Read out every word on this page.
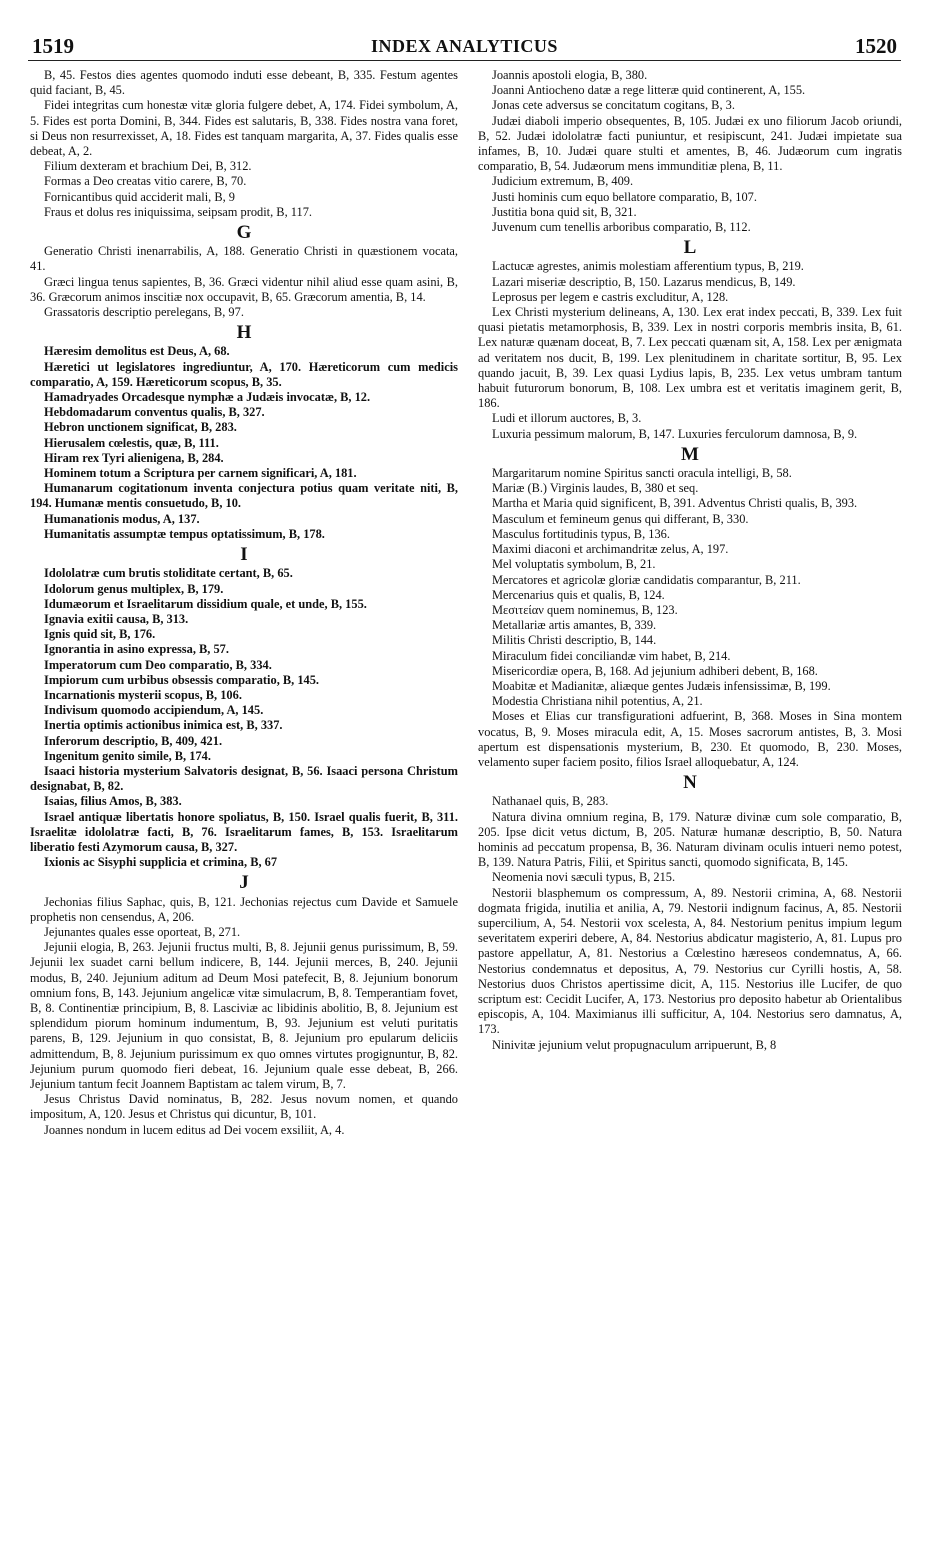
1519	INDEX ANALYTICUS	1520

B, 45. Festos dies agentes quomodo induti esse debeant, B, 335. Festum agentes quid faciant, B, 45.

Fidei integritas cum honestæ vitæ gloria fulgere debet, A, 174. Fidei symbolum, A, 5. Fides est porta Domini, B, 344. Fides est salutaris, B, 338. Fides nostra vana foret, si Deus non resurrexisset, A, 18. Fides est tanquam margarita, A, 37. Fides qualis esse debeat, A, 2.

Filium dexteram et brachium Dei, B, 312.

Formas a Deo creatas vitio carere, B, 70.

Fornicantibus quid acciderit mali, B, 9

Fraus et dolus res iniquissima, seipsam prodit, B, 117.

G

Generatio Christi inenarrabilis, A, 188. Generatio Christi in quæstionem vocata, 41.

Græci lingua tenus sapientes, B, 36. Græci videntur nihil aliud esse quam asini, B, 36. Græcorum animos inscitiæ nox occupavit, B, 65. Græcorum amentia, B, 14.

Grassatoris descriptio perelegans, B, 97.

H

Hæresim demolitus est Deus, A, 68.

Hæretici ut legislatores ingrediuntur, A, 170. Hæreticorum cum medicis comparatio, A, 159. Hæreticorum scopus, B, 35.

Hamadryades Orcadesque nymphæ a Judæis invocatæ, B, 12.

Hebdomadarum conventus qualis, B, 327.

Hebron unctionem significat, B, 283.

Hierusalem cœlestis, quæ, B, 111.

Hiram rex Tyri alienigena, B, 284.

Hominem totum a Scriptura per carnem significari, A, 181.

Humanarum cogitationum inventa conjectura potius quam veritate niti, B, 194. Humanæ mentis consuetudo, B, 10.

Humanationis modus, A, 137.

Humanitatis assumptæ tempus optatissimum, B, 178.

I

Idololatræ cum brutis stoliditate certant, B, 65.

Idolorum genus multiplex, B, 179.

Idumæorum et Israelitarum dissidium quale, et unde, B, 155.

Ignavia exitii causa, B, 313.

Ignis quid sit, B, 176.

Ignorantia in asino expressa, B, 57.

Imperatorum cum Deo comparatio, B, 334.

Impiorum cum urbibus obsessis comparatio, B, 145.

Incarnationis mysterii scopus, B, 106.

Indivisum quomodo accipiendum, A, 145.

Inertia optimis actionibus inimica est, B, 337.

Inferorum descriptio, B, 409, 421.

Ingenitum genito simile, B, 174.

Isaaci historia mysterium Salvatoris designat, B, 56. Isaaci persona Christum designabat, B, 82.

Isaias, filius Amos, B, 383.

Israel antiquæ libertatis honore spoliatus, B, 150. Israel qualis fuerit, B, 311. Israelitæ idololatræ facti, B, 76. Israelitarum fames, B, 153. Israelitarum liberatio festi Azymorum causa, B, 327.

Ixionis ac Sisyphi supplicia et crimina, B, 67

J

Jechonias filius Saphac, quis, B, 121. Jechonias rejectus cum Davide et Samuele prophetis non censendus, A, 206.

Jejunantes quales esse oporteat, B, 271.

Jejunii elogia, B, 263. Jejunii fructus multi, B, 8. Jejunii genus purissimum, B, 59. Jejunii lex suadet carni bellum indicere, B, 144. Jejunii merces, B, 240. Jejunii modus, B, 240. Jejunium aditum ad Deum Mosi patefecit, B, 8. Jejunium bonorum omnium fons, B, 143. Jejunium angelicæ vitæ simulacrum, B, 8. Temperantiam fovet, B, 8. Continentiæ principium, B, 8. Lasciviæ ac libidinis abolitio, B, 8. Jejunium est splendidum piorum hominum indumentum, B, 93. Jejunium est veluti puritatis parens, B, 129. Jejunium in quo consistat, B, 8. Jejunium pro epularum deliciis admittendum, B, 8. Jejunium purissimum ex quo omnes virtutes progignuntur, B, 82. Jejunium purum quomodo fieri debeat, 16. Jejunium quale esse debeat, B, 266. Jejunium tantum fecit Joannem Baptistam ac talem virum, B, 7.

Jesus Christus David nominatus, B, 282. Jesus novum nomen, et quando impositum, A, 120. Jesus et Christus qui dicuntur, B, 101.

Joannes nondum in lucem editus ad Dei vocem exsiliit, A, 4.

Joannis apostoli elogia, B, 380.

Joanni Antiocheno datæ a rege litteræ quid continerent, A, 155.

Jonas cete adversus se concitatum cogitans, B, 3.

Judæi diaboli imperio obsequentes, B, 105. Judæi ex uno filiorum Jacob oriundi, B, 52. Judæi idololatræ facti puniuntur, et resipiscunt, 241. Judæi impietate sua infames, B, 10. Judæi quare stulti et amentes, B, 46. Judæorum cum ingratis comparatio, B, 54. Judæorum mens immunditiæ plena, B, 11.

Judicium extremum, B, 409.

Justi hominis cum equo bellatore comparatio, B, 107.

Justitia bona quid sit, B, 321.

Juvenum cum tenellis arboribus comparatio, B, 112.

L

Lactucæ agrestes, animis molestiam afferentium typus, B, 219.

Lazari miseriæ descriptio, B, 150. Lazarus mendicus, B, 149.

Leprosus per legem e castris excluditur, A, 128.

Lex Christi mysterium delineans, A, 130. Lex erat index peccati, B, 339. Lex fuit quasi pietatis metamorphosis, B, 339. Lex in nostri corporis membris insita, B, 61. Lex naturæ quænam doceat, B, 7. Lex peccati quænam sit, A, 158. Lex per ænigmata ad veritatem nos ducit, B, 199. Lex plenitudinem in charitate sortitur, B, 95. Lex quando jacuit, B, 39. Lex quasi Lydius lapis, B, 235. Lex vetus umbram tantum habuit futurorum bonorum, B, 108. Lex umbra est et veritatis imaginem gerit, B, 186.

Ludi et illorum auctores, B, 3.

Luxuria pessimum malorum, B, 147. Luxuries ferculorum damnosa, B, 9.

M

Margaritarum nomine Spiritus sancti oracula intelligi, B, 58.

Mariæ (B.) Virginis laudes, B, 380 et seq.

Martha et Maria quid significent, B, 391. Adventus Christi qualis, B, 393.

Masculum et femineum genus qui differant, B, 330.

Masculus fortitudinis typus, B, 136.

Maximi diaconi et archimandritæ zelus, A, 197.

Mel voluptatis symbolum, B, 21.

Mercatores et agricolæ gloriæ candidatis comparantur, B, 211.

Mercenarius quis et qualis, B, 124.

Μεσιτείαν quem nominemus, B, 123.

Metallariæ artis amantes, B, 339.

Militis Christi descriptio, B, 144.

Miraculum fidei conciliandæ vim habet, B, 214.

Misericordiæ opera, B, 168. Ad jejunium adhiberi debent, B, 168.

Moabitæ et Madianitæ, aliæque gentes Judæis infensissimæ, B, 199.

Modestia Christiana nihil potentius, A, 21.

Moses et Elias cur transfigurationi adfuerint, B, 368. Moses in Sina montem vocatus, B, 9. Moses miracula edit, A, 15. Moses sacrorum antistes, B, 3. Mosi apertum est dispensationis mysterium, B, 230. Et quomodo, B, 230. Moses, velamento super faciem posito, filios Israel alloquebatur, A, 124.

N

Nathanael quis, B, 283.

Natura divina omnium regina, B, 179. Naturæ divinæ cum sole comparatio, B, 205. Ipse dicit vetus dictum, B, 205. Naturæ humanæ descriptio, B, 50. Natura hominis ad peccatum propensa, B, 36. Naturam divinam oculis intueri nemo potest, B, 139. Natura Patris, Filii, et Spiritus sancti, quomodo significata, B, 145.

Neomenia novi sæculi typus, B, 215.

Nestorii blasphemum os compressum, A, 89. Nestorii crimina, A, 68. Nestorii dogmata frigida, inutilia et anilia, A, 79. Nestorii indignum facinus, A, 85. Nestorii supercilium, A, 54. Nestorii vox scelesta, A, 84. Nestorium penitus impium legum severitatem experiri debere, A, 84. Nestorius abdicatur magisterio, A, 81. Lupus pro pastore appellatur, A, 81. Nestorius a Cœlestino hæreseos condemnatus, A, 66. Nestorius condemnatus et depositus, A, 79. Nestorius cur Cyrilli hostis, A, 58. Nestorius duos Christos apertissime dicit, A, 115. Nestorius ille Lucifer, de quo scriptum est: Cecidit Lucifer, A, 173. Nestorius pro deposito habetur ab Orientalibus episcopis, A, 104. Maximianus illi sufficitur, A, 104. Nestorius sero damnatus, A, 173.

Ninivitæ jejunium velut propugnaculum arripuerunt, B, 8
